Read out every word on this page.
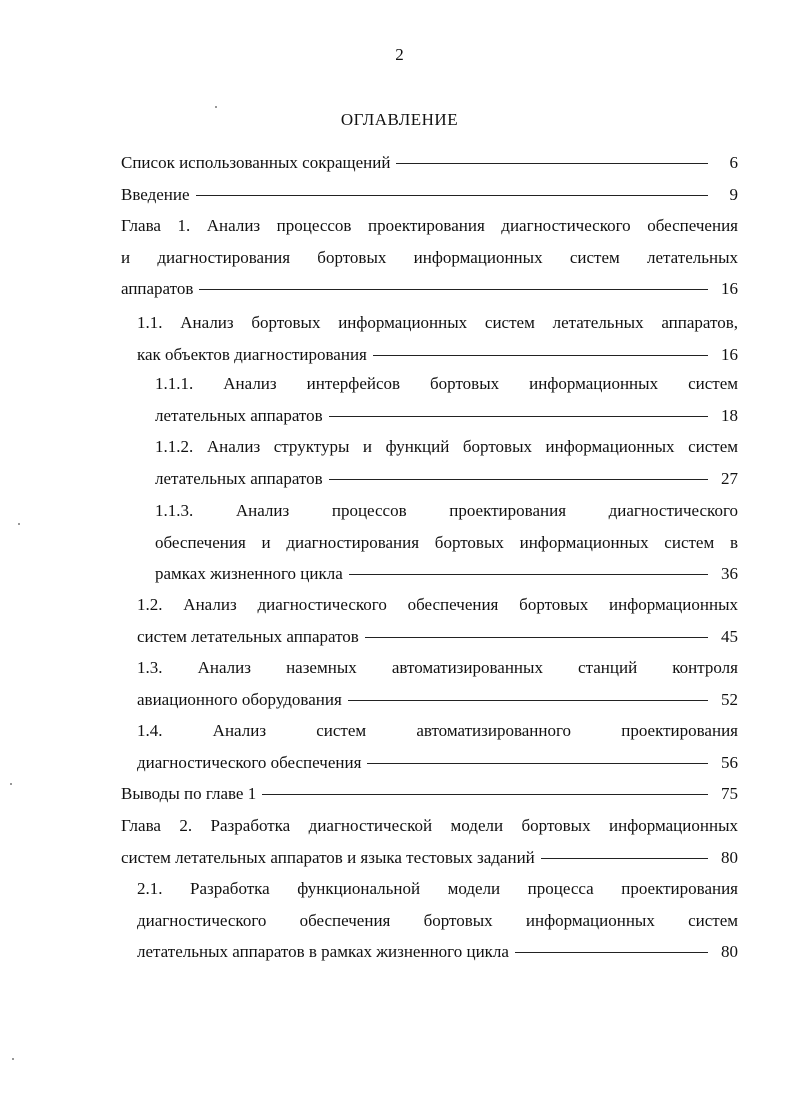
2
ОГЛАВЛЕНИЕ
Список использованных сокращений	6
Введение	9
Глава 1. Анализ процессов проектирования диагностического обеспечения
и диагностирования бортовых информационных систем летательных
аппаратов	16
1.1. Анализ бортовых информационных систем летательных аппаратов,
как объектов диагностирования	16
1.1.1. Анализ интерфейсов бортовых информационных систем
летательных аппаратов	18
1.1.2. Анализ структуры и функций бортовых информационных систем
летательных аппаратов	27
1.1.3. Анализ процессов проектирования диагностического
обеспечения и диагностирования бортовых информационных систем в
рамках жизненного цикла	36
1.2. Анализ диагностического обеспечения бортовых информационных
систем летательных аппаратов	45
1.3. Анализ наземных автоматизированных станций контроля
авиационного оборудования	52
1.4. Анализ систем автоматизированного проектирования
диагностического обеспечения	56
Выводы по главе 1	75
Глава 2. Разработка диагностической модели бортовых информационных
систем летательных аппаратов и языка тестовых заданий	80
2.1. Разработка функциональной модели процесса проектирования
диагностического обеспечения бортовых информационных систем
летательных аппаратов в рамках жизненного цикла	80
